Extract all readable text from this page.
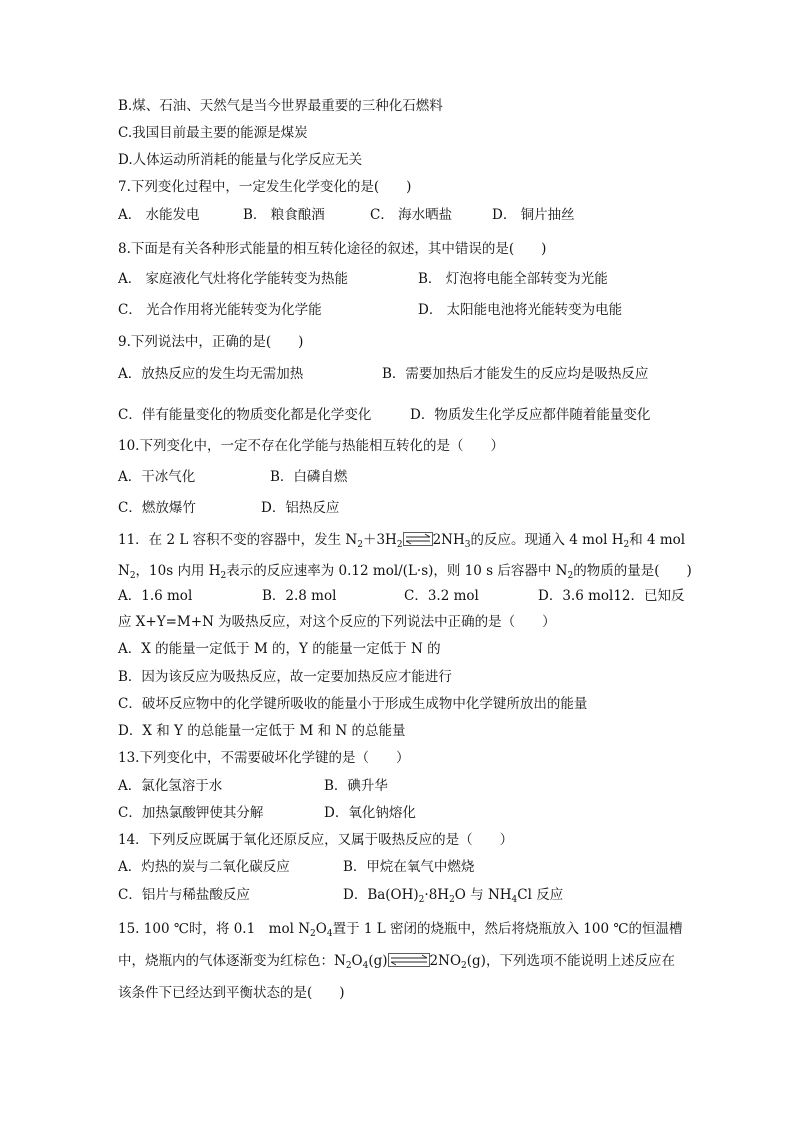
B.煤、石油、天然气是当今世界最重要的三种化石燃料
C.我国目前最主要的能源是煤炭
D.人体运动所消耗的能量与化学反应无关
7.下列变化过程中，一定发生化学变化的是(　　)
A． 水能发电	B． 粮食酿酒	C． 海水晒盐	D． 铜片抽丝
8.下面是有关各种形式能量的相互转化途径的叙述，其中错误的是(　　)
A． 家庭液化气灶将化学能转变为热能	B． 灯泡将电能全部转变为光能
C． 光合作用将光能转变为化学能	D． 太阳能电池将光能转变为电能
9.下列说法中，正确的是(　　)
A．放热反应的发生均无需加热	B．需要加热后才能发生的反应均是吸热反应
C．伴有能量变化的物质变化都是化学变化	D．物质发生化学反应都伴随着能量变化
10.下列变化中，一定不存在化学能与热能相互转化的是（　　）
A．干冰气化	B．白磷自燃
C．燃放爆竹	D．铝热反应
11．在 2 L 容积不变的容器中，发生 $N_2+3H_2$ $2NH_3$的反应。现通入 4 mol $H_2$和 4 mol
$N_2$，10s 内用 $H_2$表示的反应速率为 0.12 mol/(L·s)，则 10 s 后容器中 $N_2$的物质的量是(　　)
A．1.6 mol	B．2.8 mol	C．3.2 mol	D．3.6 mol12．已知反
应 X+Y=M+N 为吸热反应，对这个反应的下列说法中正确的是（　　）
A．X 的能量一定低于 M 的，Y 的能量一定低于 N 的
B．因为该反应为吸热反应，故一定要加热反应才能进行
C．破坏反应物中的化学键所吸收的能量小于形成生成物中化学键所放出的能量
D．X 和 Y 的总能量一定低于 M 和 N 的总能量
13.下列变化中，不需要破坏化学键的是（　　）
A．氯化氢溶于水	B．碘升华
C．加热氯酸钾使其分解	D．氧化钠熔化
14．下列反应既属于氧化还原反应，又属于吸热反应的是（　　）
A．灼热的炭与二氧化碳反应	B．甲烷在氧气中燃烧
C．铝片与稀盐酸反应	D．$Ba(OH)_2\cdot 8H_2O$ 与 $NH_4Cl$ 反应
15. 100 ℃时，将 0.1　mol $N_2O_4$置于 1 L 密闭的烧瓶中，然后将烧瓶放入 100 ℃的恒温槽
中，烧瓶内的气体逐渐变为红棕色：$N_2O_4(g)$	$2NO_2(g)$，下列选项不能说明上述反应在
该条件下已经达到平衡状态的是(　　)
